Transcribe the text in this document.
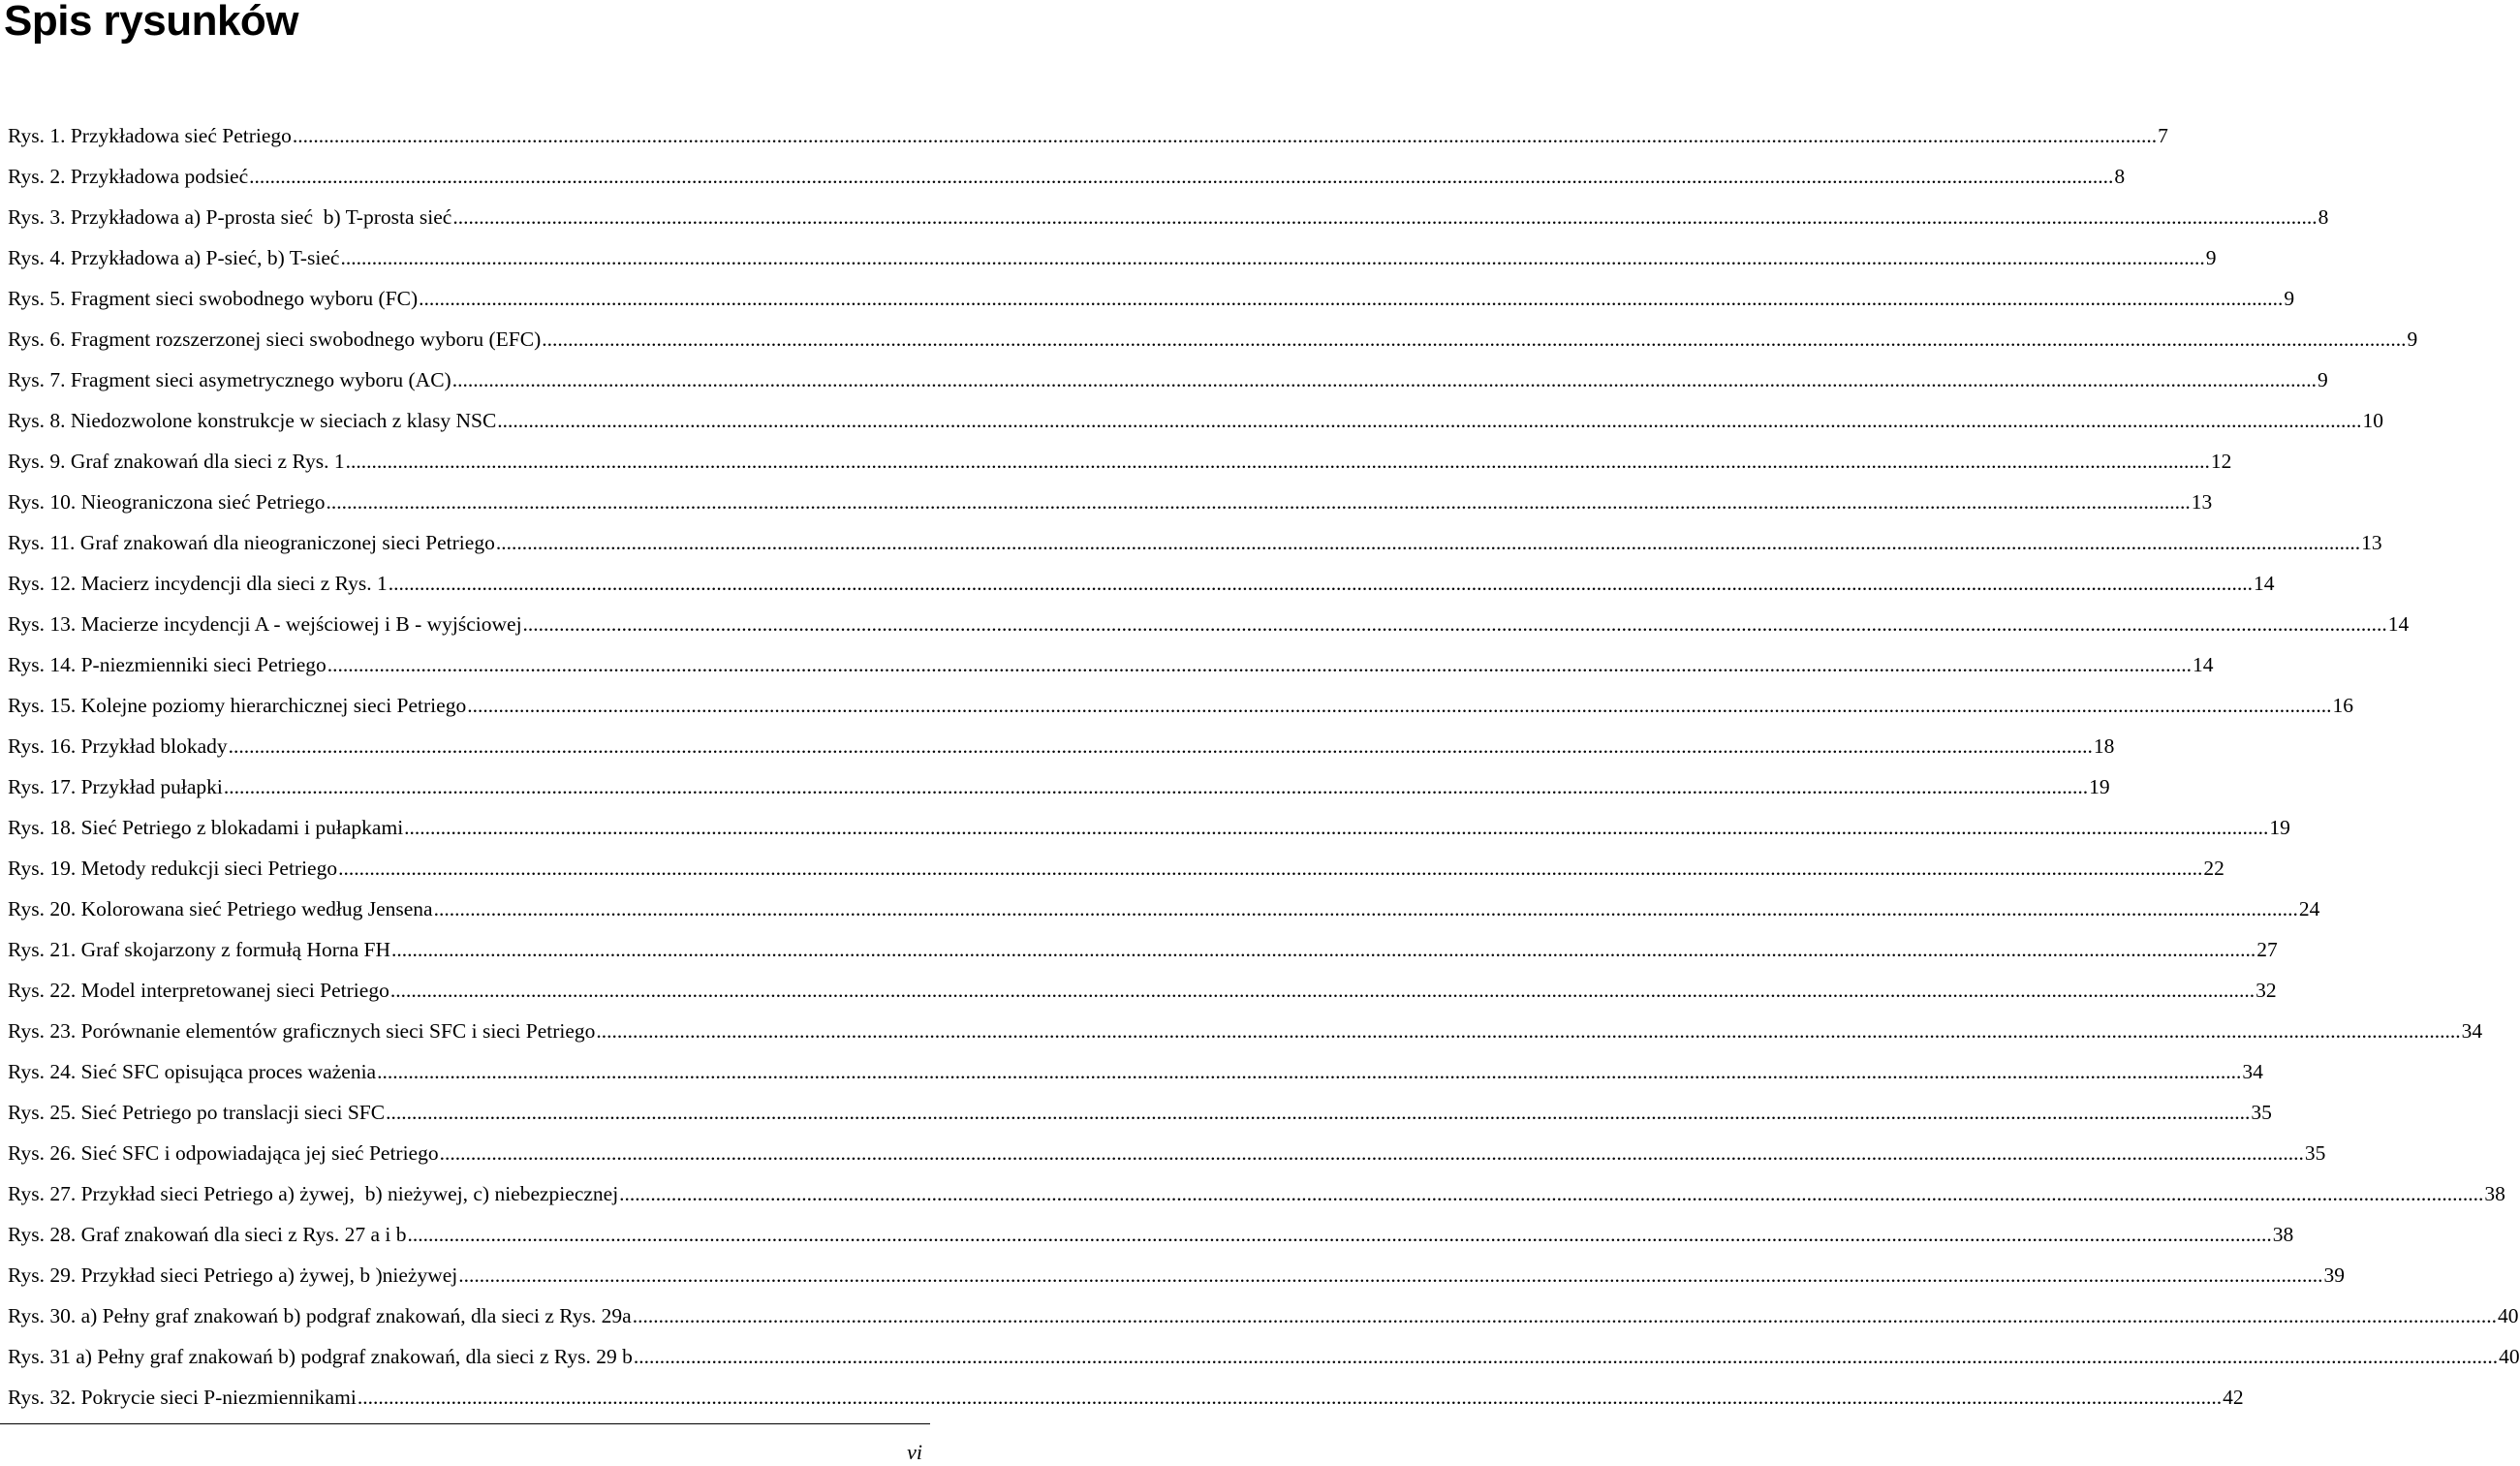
Spis rysunków
Rys. 1. Przykładowa sieć Petriego ...................................................................................................................................................................................................................................................................................................................................................................... 7
Rys. 2. Przykładowa podsieć ...................................................................................................................................................................................................................................................................................................................................................................... 8
Rys. 3. Przykładowa a) P-prosta sieć  b) T-prosta sieć ...................................................................................................................................................................................................................................................................................................................................................................... 8
Rys. 4. Przykładowa a) P-sieć, b) T-sieć ...................................................................................................................................................................................................................................................................................................................................................................... 9
Rys. 5. Fragment sieci swobodnego wyboru (FC) ...................................................................................................................................................................................................................................................................................................................................................................... 9
Rys. 6. Fragment rozszerzonej sieci swobodnego wyboru (EFC) ...................................................................................................................................................................................................................................................................................................................................................................... 9
Rys. 7. Fragment sieci asymetrycznego wyboru (AC) ...................................................................................................................................................................................................................................................................................................................................................................... 9
Rys. 8. Niedozwolone konstrukcje w sieciach z klasy NSC ...................................................................................................................................................................................................................................................................................................................................................................... 10
Rys. 9. Graf znakowań dla sieci z Rys. 1 ...................................................................................................................................................................................................................................................................................................................................................................... 12
Rys. 10. Nieograniczona sieć Petriego ...................................................................................................................................................................................................................................................................................................................................................................... 13
Rys. 11. Graf znakowań dla nieograniczonej sieci Petriego ...................................................................................................................................................................................................................................................................................................................................................................... 13
Rys. 12. Macierz incydencji dla sieci z Rys. 1 ...................................................................................................................................................................................................................................................................................................................................................................... 14
Rys. 13. Macierze incydencji A - wejściowej i B - wyjściowej ...................................................................................................................................................................................................................................................................................................................................................................... 14
Rys. 14. P-niezmienniki sieci Petriego ...................................................................................................................................................................................................................................................................................................................................................................... 14
Rys. 15. Kolejne poziomy hierarchicznej sieci Petriego ...................................................................................................................................................................................................................................................................................................................................................................... 16
Rys. 16. Przykład blokady ...................................................................................................................................................................................................................................................................................................................................................................... 18
Rys. 17. Przykład pułapki ...................................................................................................................................................................................................................................................................................................................................................................... 19
Rys. 18. Sieć Petriego z blokadami i pułapkami ...................................................................................................................................................................................................................................................................................................................................................................... 19
Rys. 19. Metody redukcji sieci Petriego ...................................................................................................................................................................................................................................................................................................................................................................... 22
Rys. 20. Kolorowana sieć Petriego według Jensena ...................................................................................................................................................................................................................................................................................................................................................................... 24
Rys. 21. Graf skojarzony z formułą Horna FH ...................................................................................................................................................................................................................................................................................................................................................................... 27
Rys. 22. Model interpretowanej sieci Petriego ...................................................................................................................................................................................................................................................................................................................................................................... 32
Rys. 23. Porównanie elementów graficznych sieci SFC i sieci Petriego ...................................................................................................................................................................................................................................................................................................................................................................... 34
Rys. 24. Sieć SFC opisująca proces ważenia ...................................................................................................................................................................................................................................................................................................................................................................... 34
Rys. 25. Sieć Petriego po translacji sieci SFC ...................................................................................................................................................................................................................................................................................................................................................................... 35
Rys. 26. Sieć SFC i odpowiadająca jej sieć Petriego ...................................................................................................................................................................................................................................................................................................................................................................... 35
Rys. 27. Przykład sieci Petriego a) żywej,  b) nieżywej, c) niebezpiecznej ...................................................................................................................................................................................................................................................................................................................................................................... 38
Rys. 28. Graf znakowań dla sieci z Rys. 27 a i b ...................................................................................................................................................................................................................................................................................................................................................................... 38
Rys. 29. Przykład sieci Petriego a) żywej, b )nieżywej ...................................................................................................................................................................................................................................................................................................................................................................... 39
Rys. 30. a) Pełny graf znakowań b) podgraf znakowań, dla sieci z Rys. 29a ...................................................................................................................................................................................................................................................................................................................................................................... 40
Rys. 31 a) Pełny graf znakowań b) podgraf znakowań, dla sieci z Rys. 29 b ...................................................................................................................................................................................................................................................................................................................................................................... 40
Rys. 32. Pokrycie sieci P-niezmiennikami ...................................................................................................................................................................................................................................................................................................................................................................... 42
vi
